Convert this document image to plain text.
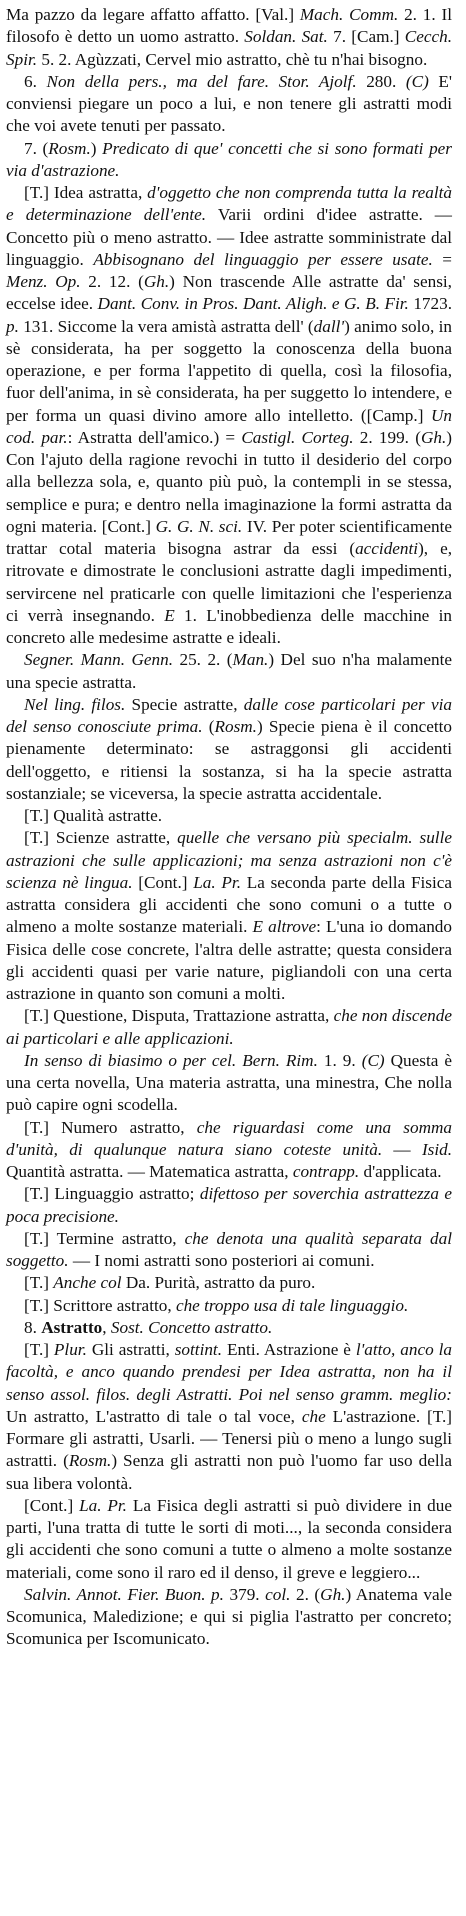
Ma pazzo da legare affatto affatto. [Val.] Mach. Comm. 2. 1. Il filosofo è detto un uomo astratto. Soldan. Sat. 7. [Cam.] Cecch. Spir. 5. 2. Agùzzati, Cervel mio astratto, chè tu n'hai bisogno.

6. Non della pers., ma del fare. Stor. Ajolf. 280. (C) E' conviensi piegare un poco a lui, e non tenere gli astratti modi che voi avete tenuti per passato.

7. (Rosm.) Predicato di que' concetti che si sono formati per via d'astrazione.

[T.] Idea astratta, d'oggetto che non comprenda tutta la realtà e determinazione dell'ente. Varii ordini d'idee astratte. — Concetto più o meno astratto. — Idee astratte somministrate dal linguaggio. Abbisognano del linguaggio per essere usate. = Menz. Op. 2. 12. (Gh.) Non trascende Alle astratte da' sensi, eccelse idee. Dant. Conv. in Pros. Dant. Aligh. e G. B. Fir. 1723. p. 131. Siccome la vera amistà astratta dell' (dall') animo solo, in sè considerata, ha per soggetto la conoscenza della buona operazione, e per forma l'appetito di quella, così la filosofia, fuor dell'anima, in sè considerata, ha per suggetto lo intendere, e per forma un quasi divino amore allo intelletto. ([Camp.] Un cod. par.: Astratta dell'amico.) = Castigl. Corteg. 2. 199. (Gh.) Con l'ajuto della ragione revochi in tutto il desiderio del corpo alla bellezza sola, e, quanto più può, la contempli in se stessa, semplice e pura; e dentro nella imaginazione la formi astratta da ogni materia. [Cont.] G. G. N. sci. IV. Per poter scientificamente trattar cotal materia bisogna astrar da essi (accidenti), e, ritrovate e dimostrate le conclusioni astratte dagli impedimenti, servircene nel praticarle con quelle limitazioni che l'esperienza ci verrà insegnando. E 1. L'inobbedienza delle macchine in concreto alle medesime astratte e ideali.

Segner. Mann. Genn. 25. 2. (Man.) Del suo n'ha malamente una specie astratta.

Nel ling. filos. Specie astratte, dalle cose particolari per via del senso conosciute prima. (Rosm.) Specie piena è il concetto pienamente determinato: se astraggonsi gli accidenti dell'oggetto, e ritiensi la sostanza, si ha la specie astratta sostanziale; se viceversa, la specie astratta accidentale.

[T.] Qualità astratte.

[T.] Scienze astratte, quelle che versano più specialm. sulle astrazioni che sulle applicazioni; ma senza astrazioni non c'è scienza nè lingua. [Cont.] La. Pr. La seconda parte della Fisica astratta considera gli accidenti che sono comuni o a tutte o almeno a molte sostanze materiali. E altrove: L'una io domando Fisica delle cose concrete, l'altra delle astratte; questa considera gli accidenti quasi per varie nature, pigliandoli con una certa astrazione in quanto son comuni a molti.

[T.] Questione, Disputa, Trattazione astratta, che non discende ai particolari e alle applicazioni.

In senso di biasimo o per cel. Bern. Rim. 1. 9. (C) Questa è una certa novella, Una materia astratta, una minestra, Che nolla può capire ogni scodella.

[T.] Numero astratto, che riguardasi come una somma d'unità, di qualunque natura siano coteste unità. — Isid. Quantità astratta. — Matematica astratta, contrapp. d'applicata.

[T.] Linguaggio astratto; difettoso per soverchia astrattezza e poca precisione.

[T.] Termine astratto, che denota una qualità separata dal soggetto. — I nomi astratti sono posteriori ai comuni.

[T.] Anche col Da. Purità, astratto da puro.

[T.] Scrittore astratto, che troppo usa di tale linguaggio.

8. Astratto, Sost. Concetto astratto.

[T.] Plur. Gli astratti, sottint. Enti. Astrazione è l'atto, anco la facoltà, e anco quando prendesi per Idea astratta, non ha il senso assol. filos. degli Astratti. Poi nel senso gramm. meglio: Un astratto, L'astratto di tale o tal voce, che L'astrazione. [T.] Formare gli astratti, Usarli. — Tenersi più o meno a lungo sugli astratti. (Rosm.) Senza gli astratti non può l'uomo far uso della sua libera volontà.

[Cont.] La. Pr. La Fisica degli astratti si può dividere in due parti, l'una tratta di tutte le sorti di moti..., la seconda considera gli accidenti che sono comuni a tutte o almeno a molte sostanze materiali, come sono il raro ed il denso, il greve e leggiero...

Salvin. Annot. Fier. Buon. p. 379. col. 2. (Gh.) Anatema vale Scomunica, Maledizione; e qui si piglia l'astratto per concreto; Scomunica per Iscomunicato.
